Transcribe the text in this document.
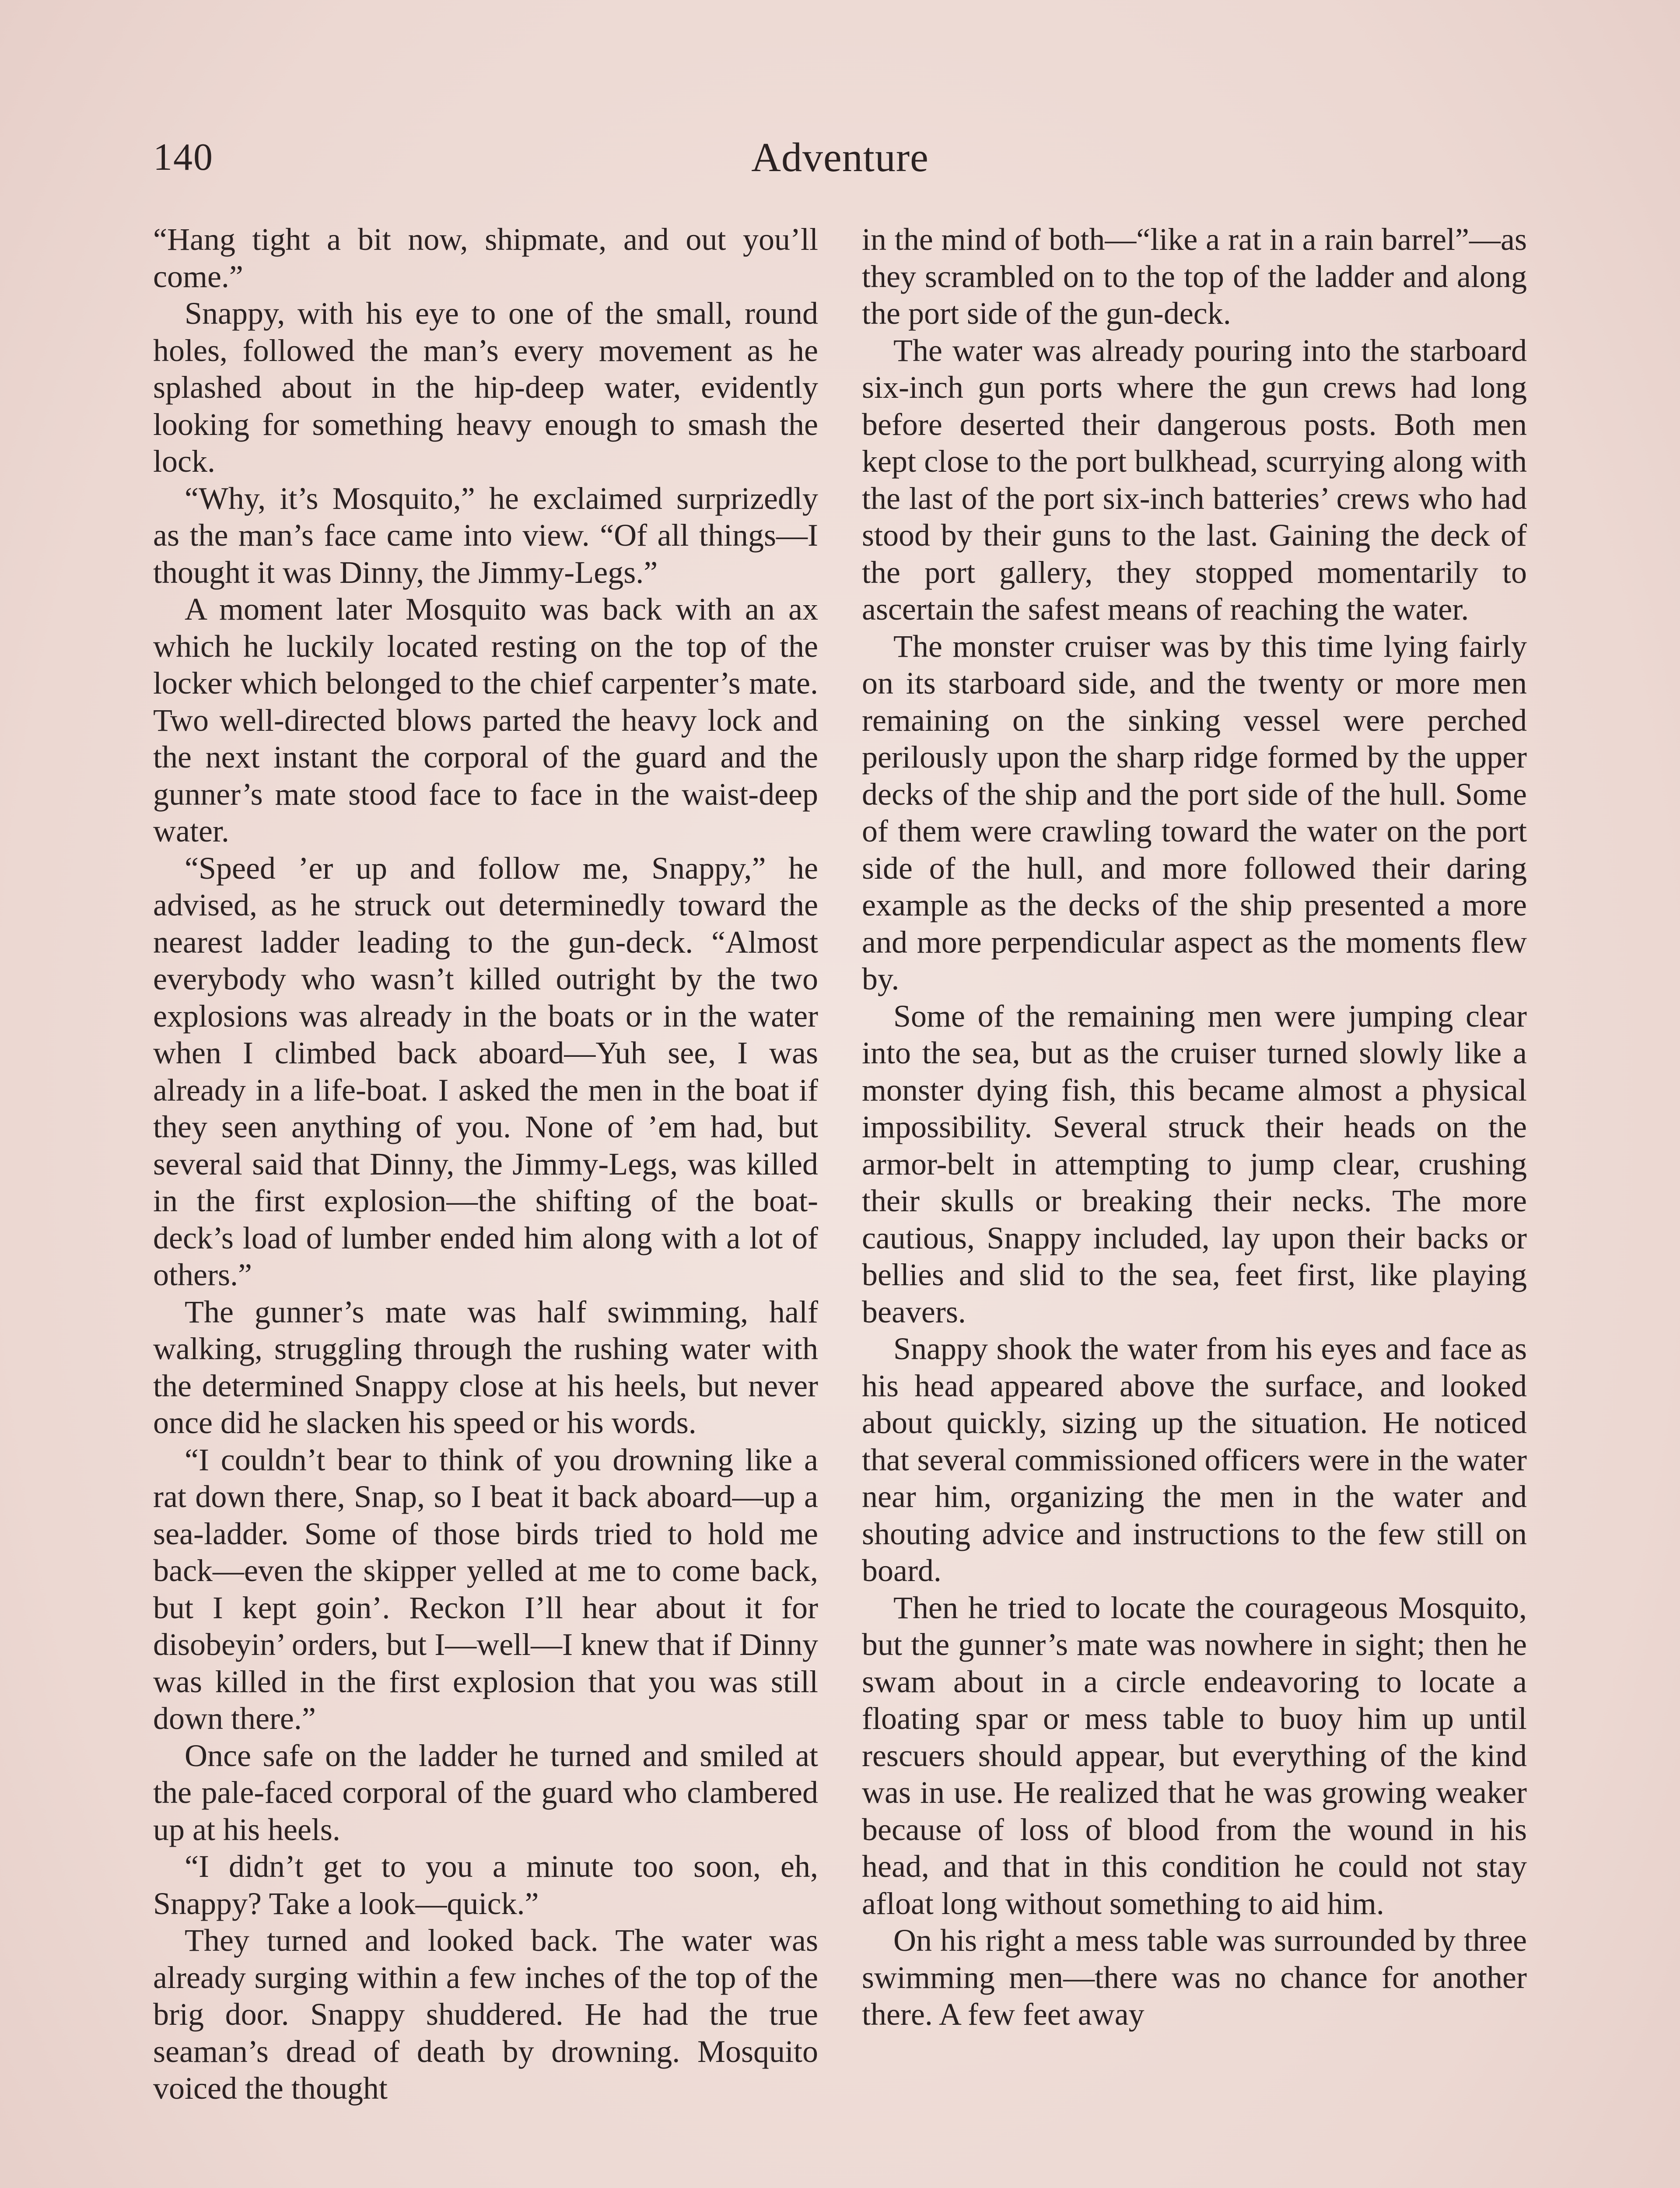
140	Adventure

“Hang tight a bit now, shipmate, and out you’ll come.”

Snappy, with his eye to one of the small, round holes, followed the man’s every movement as he splashed about in the hip-deep water, evidently looking for something heavy enough to smash the lock.

“Why, it’s Mosquito,” he exclaimed surprizedly as the man’s face came into view. “Of all things—I thought it was Dinny, the Jimmy-Legs.”

A moment later Mosquito was back with an ax which he luckily located resting on the top of the locker which belonged to the chief carpenter’s mate. Two well-directed blows parted the heavy lock and the next instant the corporal of the guard and the gunner’s mate stood face to face in the waist-deep water.

“Speed ’er up and follow me, Snappy,” he advised, as he struck out determinedly toward the nearest ladder leading to the gun-deck. “Almost everybody who wasn’t killed outright by the two explosions was already in the boats or in the water when I climbed back aboard—Yuh see, I was already in a life-boat. I asked the men in the boat if they seen anything of you. None of ’em had, but several said that Dinny, the Jimmy-Legs, was killed in the first explosion—the shifting of the boat-deck’s load of lumber ended him along with a lot of others.”

The gunner’s mate was half swimming, half walking, struggling through the rushing water with the determined Snappy close at his heels, but never once did he slacken his speed or his words.

“I couldn’t bear to think of you drowning like a rat down there, Snap, so I beat it back aboard—up a sea-ladder. Some of those birds tried to hold me back—even the skipper yelled at me to come back, but I kept goin’. Reckon I’ll hear about it for disobeyin’ orders, but I—well—I knew that if Dinny was killed in the first explosion that you was still down there.”

Once safe on the ladder he turned and smiled at the pale-faced corporal of the guard who clambered up at his heels.

“I didn’t get to you a minute too soon, eh, Snappy? Take a look—quick.”

They turned and looked back. The water was already surging within a few inches of the top of the brig door. Snappy shuddered. He had the true seaman’s dread of death by drowning. Mosquito voiced the thought

in the mind of both—“like a rat in a rain barrel”—as they scrambled on to the top of the ladder and along the port side of the gun-deck.

The water was already pouring into the starboard six-inch gun ports where the gun crews had long before deserted their dangerous posts. Both men kept close to the port bulkhead, scurrying along with the last of the port six-inch batteries’ crews who had stood by their guns to the last. Gaining the deck of the port gallery, they stopped momentarily to ascertain the safest means of reaching the water.

The monster cruiser was by this time lying fairly on its starboard side, and the twenty or more men remaining on the sinking vessel were perched perilously upon the sharp ridge formed by the upper decks of the ship and the port side of the hull. Some of them were crawling toward the water on the port side of the hull, and more followed their daring example as the decks of the ship presented a more and more perpendicular aspect as the moments flew by.

Some of the remaining men were jumping clear into the sea, but as the cruiser turned slowly like a monster dying fish, this became almost a physical impossibility. Several struck their heads on the armor-belt in attempting to jump clear, crushing their skulls or breaking their necks. The more cautious, Snappy included, lay upon their backs or bellies and slid to the sea, feet first, like playing beavers.

Snappy shook the water from his eyes and face as his head appeared above the surface, and looked about quickly, sizing up the situation. He noticed that several commissioned officers were in the water near him, organizing the men in the water and shouting advice and instructions to the few still on board.

Then he tried to locate the courageous Mosquito, but the gunner’s mate was nowhere in sight; then he swam about in a circle endeavoring to locate a floating spar or mess table to buoy him up until rescuers should appear, but everything of the kind was in use. He realized that he was growing weaker because of loss of blood from the wound in his head, and that in this condition he could not stay afloat long without something to aid him.

On his right a mess table was surrounded by three swimming men—there was no chance for another there. A few feet away
